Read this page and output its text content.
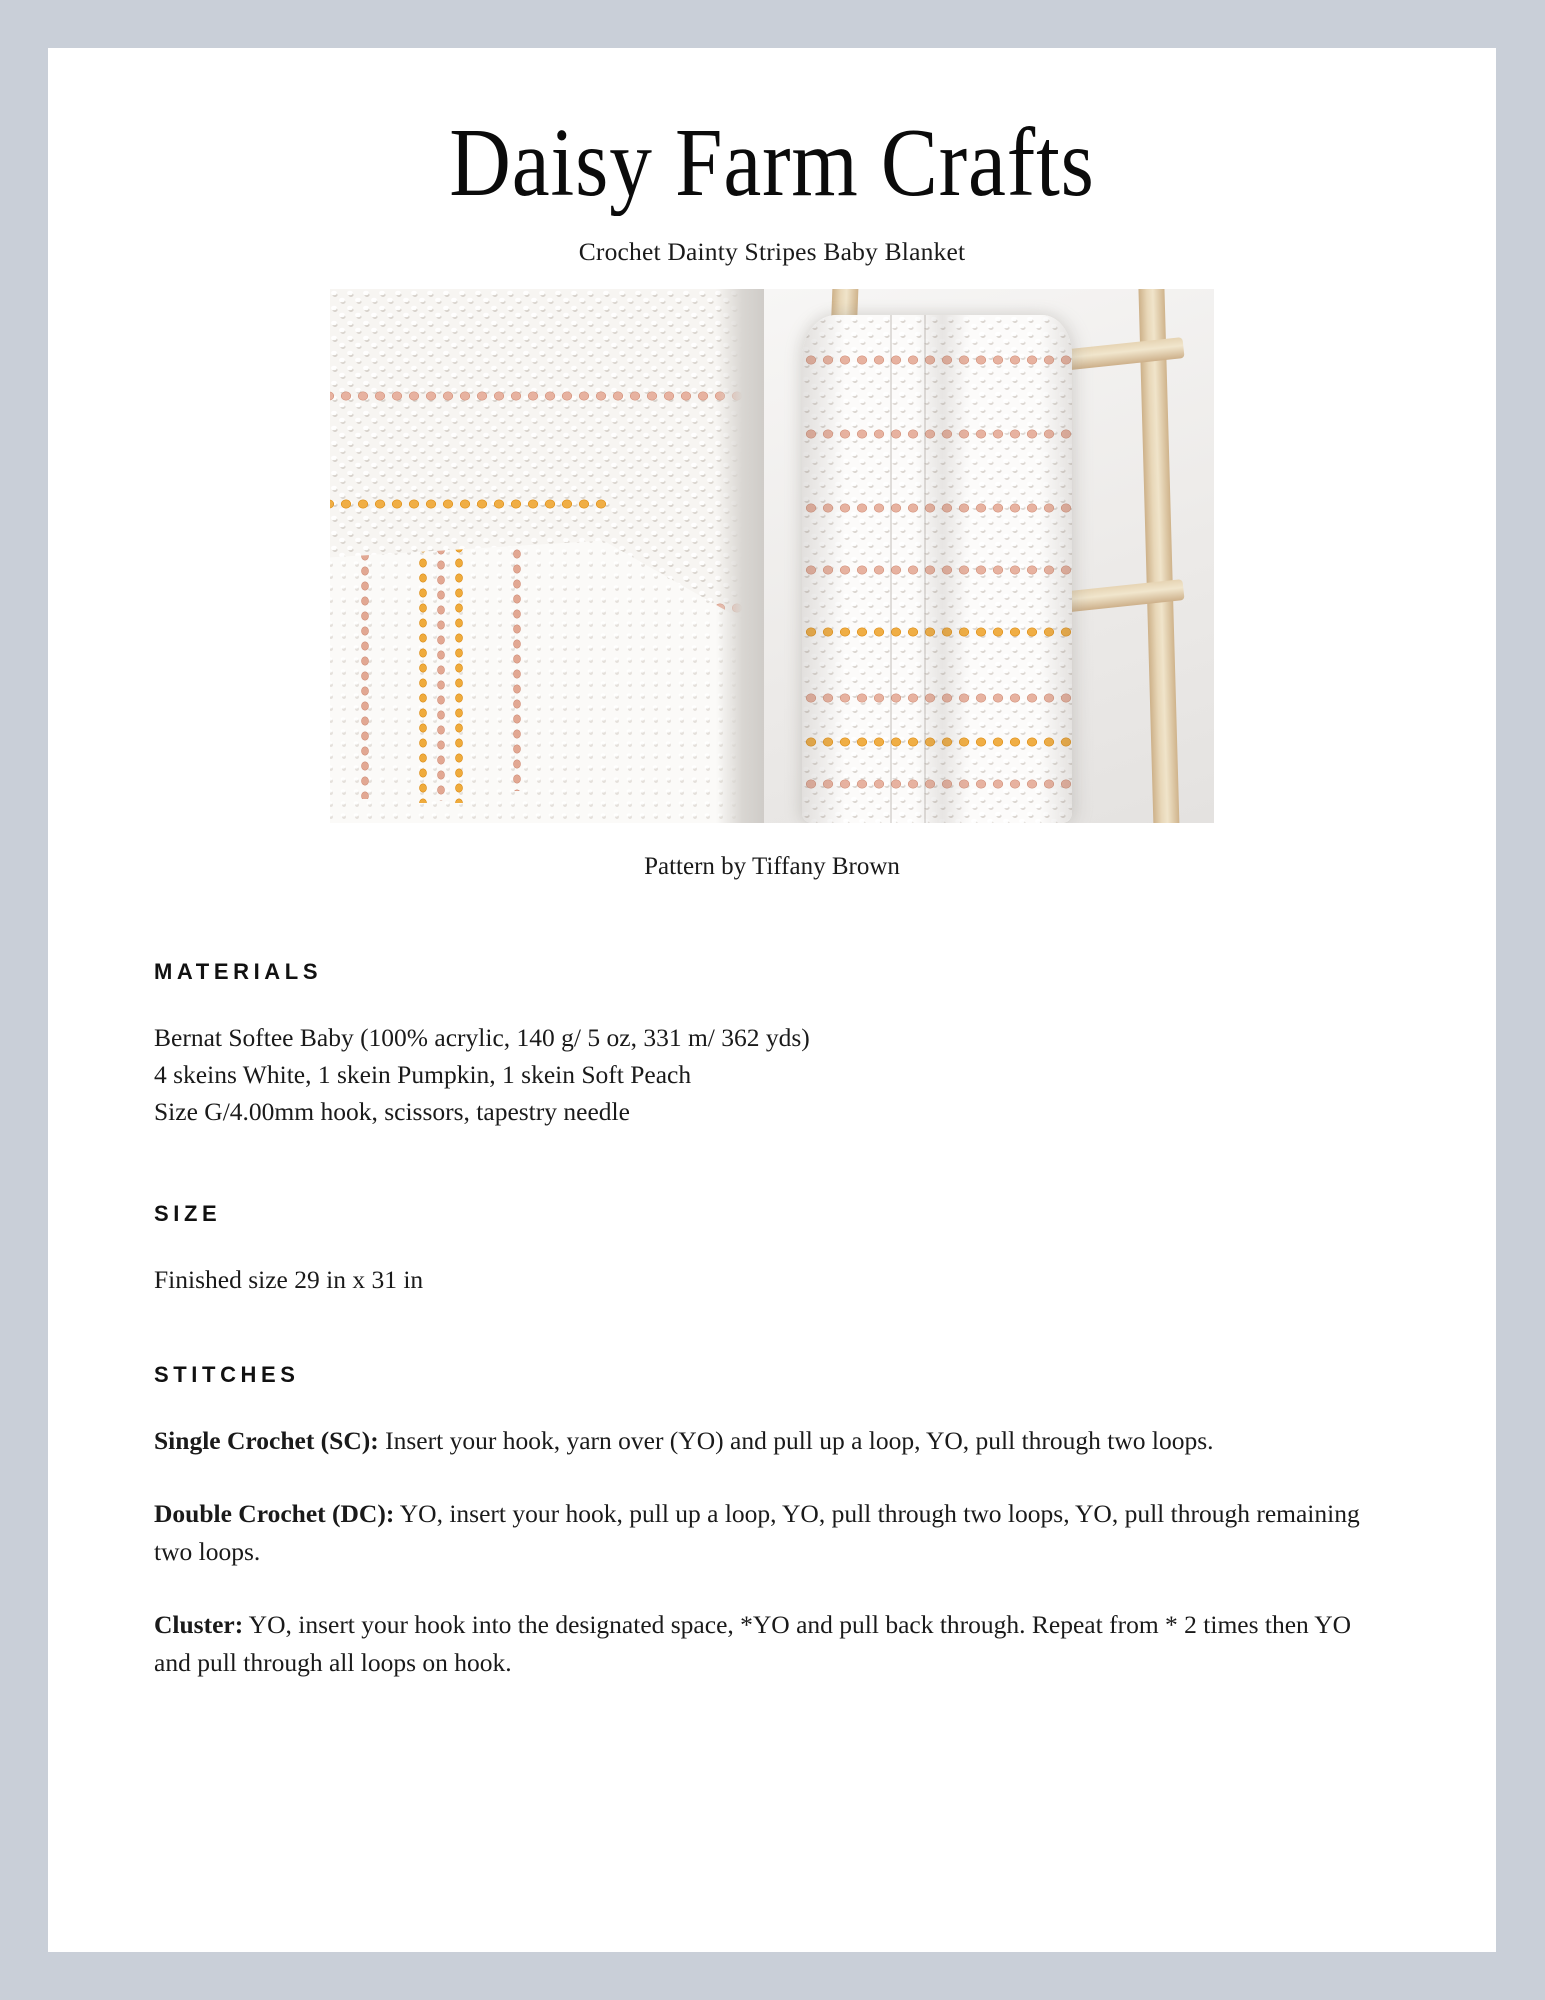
Daisy Farm Crafts
Crochet Dainty Stripes Baby Blanket
Pattern by Tiffany Brown
MATERIALS
Bernat Softee Baby (100% acrylic, 140 g/ 5 oz, 331 m/ 362 yds)
4 skeins White, 1 skein Pumpkin, 1 skein Soft Peach
Size G/4.00mm hook, scissors, tapestry needle
SIZE
Finished size 29 in x 31 in
STITCHES

Single Crochet (SC): Insert your hook, yarn over (YO) and pull up a loop, YO, pull through two loops.

Double Crochet (DC): YO, insert your hook, pull up a loop, YO, pull through two loops, YO, pull through remaining two loops.

Cluster: YO, insert your hook into the designated space, *YO and pull back through. Repeat from * 2 times then YO and pull through all loops on hook.
